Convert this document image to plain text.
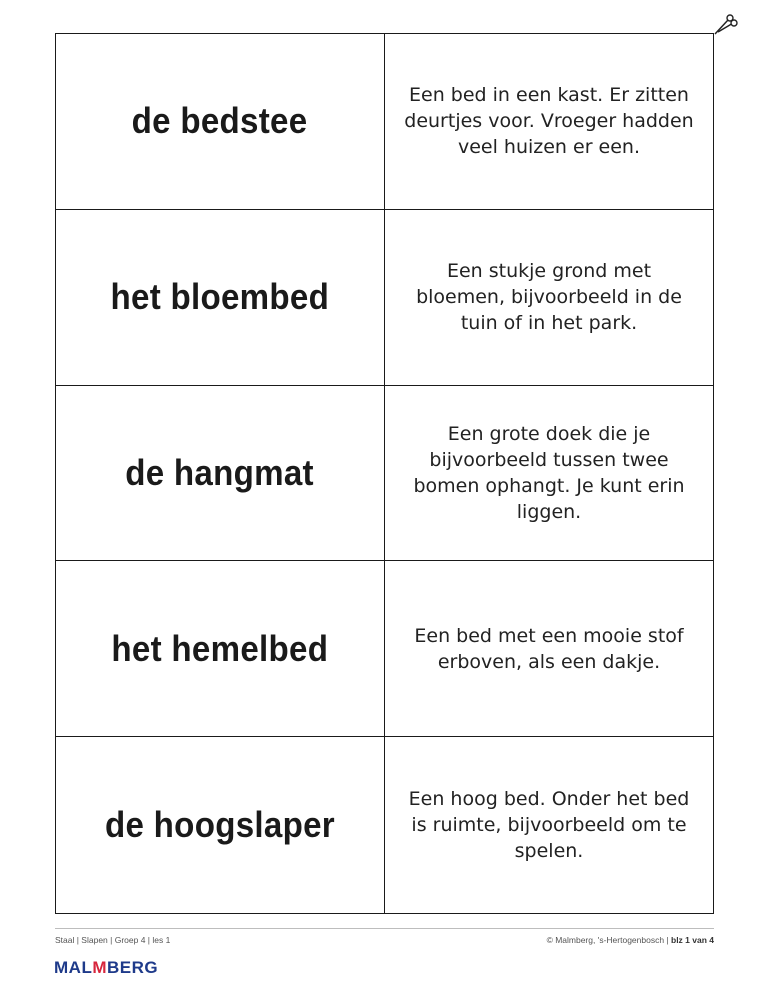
de bedstee
Een bed in een kast. Er zitten deurtjes voor. Vroeger hadden veel huizen er een.
het bloembed
Een stukje grond met bloemen, bijvoorbeeld in de tuin of in het park.
de hangmat
Een grote doek die je bijvoorbeeld tussen twee bomen ophangt. Je kunt erin liggen.
het hemelbed	Een bed met een mooie stof erboven, als een dakje.
de hoogslaper
Een hoog bed. Onder het bed is ruimte, bijvoorbeeld om te spelen.
Staal | Slapen | Groep 4 | les 1	© Malmberg, 's-Hertogenbosch | blz 1 van 4
MALMBERG
